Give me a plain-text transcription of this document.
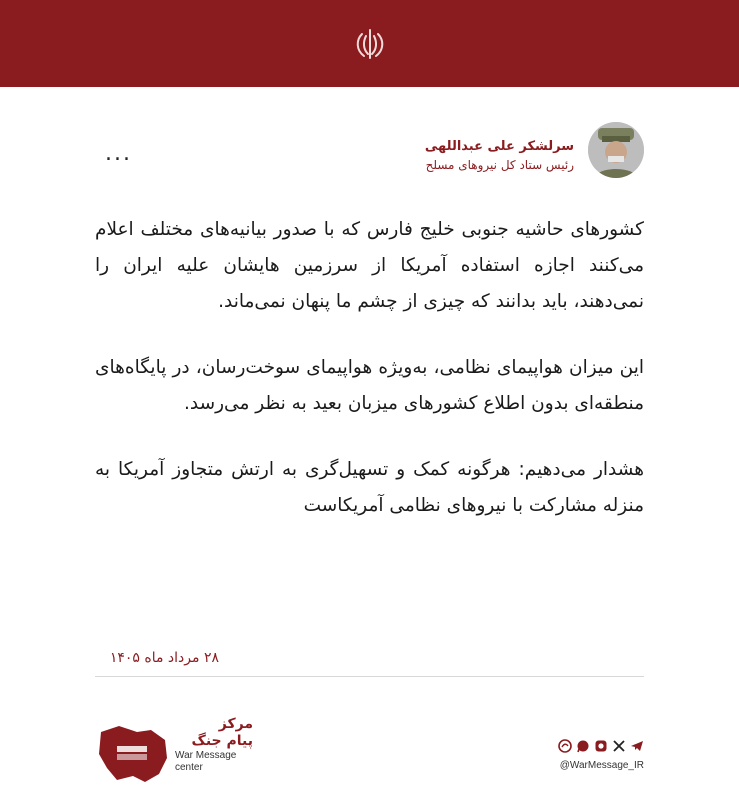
سرلشکر علی عبداللهی
رئیس ستاد کل نیروهای مسلح
...

کشورهای حاشیه جنوبی خلیج فارس که با صدور بیانیه‌های مختلف اعلام می‌کنند اجازه استفاده آمریکا از سرزمین هایشان علیه ایران را نمی‌دهند، باید بدانند که چیزی از چشم ما پنهان نمی‌ماند.

این میزان هواپیمای نظامی، به‌ویژه هواپیمای سوخت‌رسان، در پایگاه‌های منطقه‌ای بدون اطلاع کشورهای میزبان بعید به نظر می‌رسد.

هشدار می‌دهیم: هرگونه کمک و تسهیل‌گری به ارتش متجاوز آمریکا به منزله مشارکت با نیروهای نظامی آمریکاست

۲۸ مرداد ماه ۱۴۰۵
مرکز
پیام جنگ
War Message
center	@WarMessage_IR
